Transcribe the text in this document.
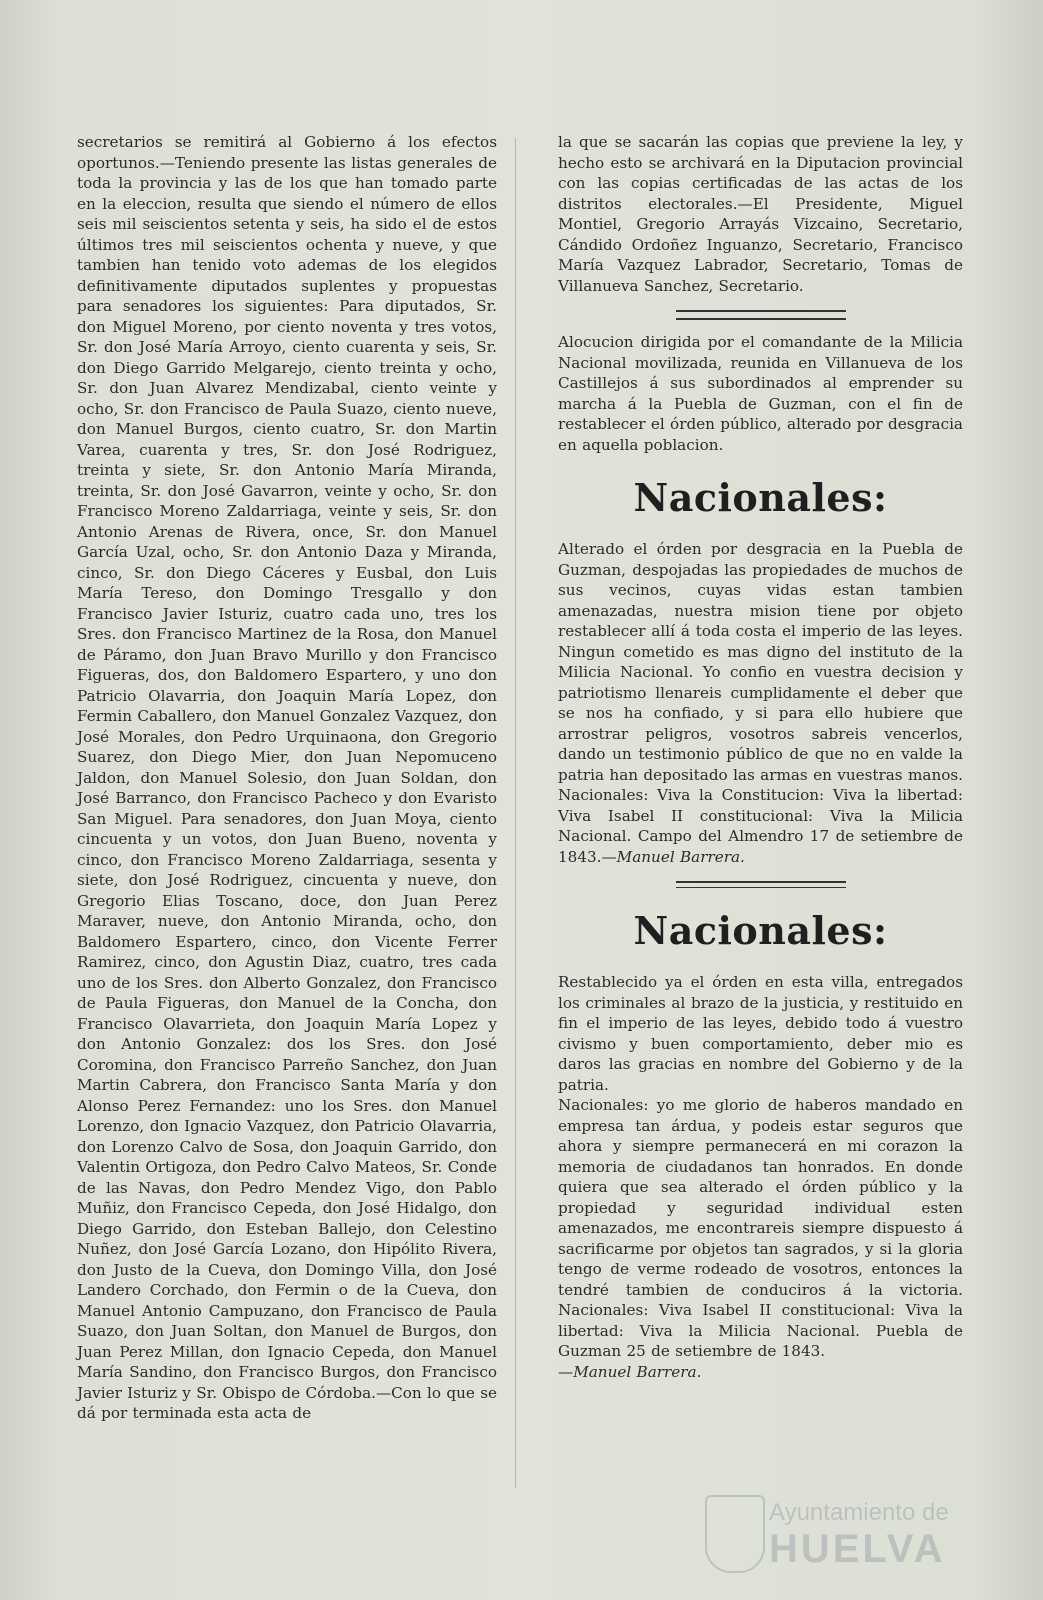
secretarios se remitirá al Gobierno á los efectos oportunos.—Teniendo presente las listas generales de toda la provincia y las de los que han tomado parte en la eleccion, resulta que siendo el número de ellos seis mil seiscientos setenta y seis, ha sido el de estos últimos tres mil seiscientos ochenta y nueve, y que tambien han tenido voto ademas de los elegidos definitivamente diputados suplentes y propuestas para senadores los siguientes: Para diputados, Sr. don Miguel Moreno, por ciento noventa y tres votos, Sr. don José María Arroyo, ciento cuarenta y seis, Sr. don Diego Garrido Melgarejo, ciento treinta y ocho, Sr. don Juan Alvarez Mendizabal, ciento veinte y ocho, Sr. don Francisco de Paula Suazo, ciento nueve, don Manuel Burgos, ciento cuatro, Sr. don Martin Varea, cuarenta y tres, Sr. don José Rodriguez, treinta y siete, Sr. don Antonio María Miranda, treinta, Sr. don José Gavarron, veinte y ocho, Sr. don Francisco Moreno Zaldarriaga, veinte y seis, Sr. don Antonio Arenas de Rivera, once, Sr. don Manuel García Uzal, ocho, Sr. don Antonio Daza y Miranda, cinco, Sr. don Diego Cáceres y Eusbal, don Luis María Tereso, don Domingo Tresgallo y don Francisco Javier Isturiz, cuatro cada uno, tres los Sres. don Francisco Martinez de la Rosa, don Manuel de Páramo, don Juan Bravo Murillo y don Francisco Figueras, dos, don Baldomero Espartero, y uno don Patricio Olavarria, don Joaquin María Lopez, don Fermin Caballero, don Manuel Gonzalez Vazquez, don José Morales, don Pedro Urquinaona, don Gregorio Suarez, don Diego Mier, don Juan Nepomuceno Jaldon, don Manuel Solesio, don Juan Soldan, don José Barranco, don Francisco Pacheco y don Evaristo San Miguel. Para senadores, don Juan Moya, ciento cincuenta y un votos, don Juan Bueno, noventa y cinco, don Francisco Moreno Zaldarriaga, sesenta y siete, don José Rodriguez, cincuenta y nueve, don Gregorio Elias Toscano, doce, don Juan Perez Maraver, nueve, don Antonio Miranda, ocho, don Baldomero Espartero, cinco, don Vicente Ferrer Ramirez, cinco, don Agustin Diaz, cuatro, tres cada uno de los Sres. don Alberto Gonzalez, don Francisco de Paula Figueras, don Manuel de la Concha, don Francisco Olavarrieta, don Joaquin María Lopez y don Antonio Gonzalez: dos los Sres. don José Coromina, don Francisco Parreño Sanchez, don Juan Martin Cabrera, don Francisco Santa María y don Alonso Perez Fernandez: uno los Sres. don Manuel Lorenzo, don Ignacio Vazquez, don Patricio Olavarria, don Lorenzo Calvo de Sosa, don Joaquin Garrido, don Valentin Ortigoza, don Pedro Calvo Mateos, Sr. Conde de las Navas, don Pedro Mendez Vigo, don Pablo Muñiz, don Francisco Cepeda, don José Hidalgo, don Diego Garrido, don Esteban Ballejo, don Celestino Nuñez, don José García Lozano, don Hipólito Rivera, don Justo de la Cueva, don Domingo Villa, don José Landero Corchado, don Fermin o de la Cueva, don Manuel Antonio Campuzano, don Francisco de Paula Suazo, don Juan Soltan, don Manuel de Burgos, don Juan Perez Millan, don Ignacio Cepeda, don Manuel María Sandino, don Francisco Burgos, don Francisco Javier Isturiz y Sr. Obispo de Córdoba.—Con lo que se dá por terminada esta acta de

la que se sacarán las copias que previene la ley, y hecho esto se archivará en la Diputacion provincial con las copias certificadas de las actas de los distritos electorales.—El Presidente, Miguel Montiel, Gregorio Arrayás Vizcaino, Secretario, Cándido Ordoñez Inguanzo, Secretario, Francisco María Vazquez Labrador, Secretario, Tomas de Villanueva Sanchez, Secretario.

Alocucion dirigida por el comandante de la Milicia Nacional movilizada, reunida en Villanueva de los Castillejos á sus subordinados al emprender su marcha á la Puebla de Guzman, con el fin de restablecer el órden público, alterado por desgracia en aquella poblacion.

Nacionales:

Alterado el órden por desgracia en la Puebla de Guzman, despojadas las propiedades de muchos de sus vecinos, cuyas vidas estan tambien amenazadas, nuestra mision tiene por objeto restablecer allí á toda costa el imperio de las leyes. Ningun cometido es mas digno del instituto de la Milicia Nacional. Yo confio en vuestra decision y patriotismo llenareis cumplidamente el deber que se nos ha confiado, y si para ello hubiere que arrostrar peligros, vosotros sabreis vencerlos, dando un testimonio público de que no en valde la patria han depositado las armas en vuestras manos. Nacionales: Viva la Constitucion: Viva la libertad: Viva Isabel II constitucional: Viva la Milicia Nacional. Campo del Almendro 17 de setiembre de 1843.—Manuel Barrera.

Nacionales:

Restablecido ya el órden en esta villa, entregados los criminales al brazo de la justicia, y restituido en fin el imperio de las leyes, debido todo á vuestro civismo y buen comportamiento, deber mio es daros las gracias en nombre del Gobierno y de la patria.

Nacionales: yo me glorio de haberos mandado en empresa tan árdua, y podeis estar seguros que ahora y siempre permanecerá en mi corazon la memoria de ciudadanos tan honrados. En donde quiera que sea alterado el órden público y la propiedad y seguridad individual esten amenazados, me encontrareis siempre dispuesto á sacrificarme por objetos tan sagrados, y si la gloria tengo de verme rodeado de vosotros, entonces la tendré tambien de conduciros á la victoria. Nacionales: Viva Isabel II constitucional: Viva la libertad: Viva la Milicia Nacional. Puebla de Guzman 25 de setiembre de 1843.
—Manuel Barrera.

Ayuntamiento de
HUELVA
